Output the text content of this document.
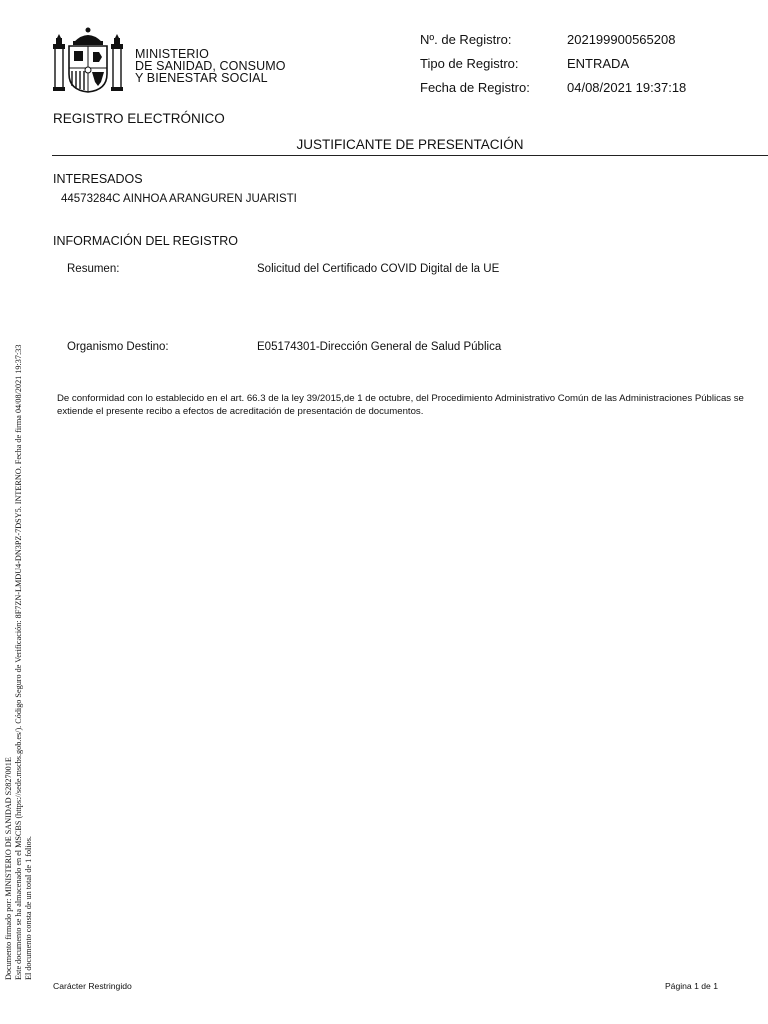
MINISTERIO
DE SANIDAD, CONSUMO
Y BIENESTAR SOCIAL
Nº. de Registro:	202199900565208
Tipo de Registro:	ENTRADA
Fecha de Registro:	04/08/2021 19:37:18
REGISTRO ELECTRÓNICO
JUSTIFICANTE DE PRESENTACIÓN
INTERESADOS
44573284C AINHOA ARANGUREN JUARISTI
INFORMACIÓN DEL REGISTRO
Resumen:	Solicitud del Certificado COVID Digital de la UE
Organismo Destino:	E05174301-Dirección General de Salud Pública
De conformidad con lo establecido en el art. 66.3 de la ley 39/2015,de 1 de octubre, del Procedimiento Administrativo Común de las Administraciones Públicas se extiende el presente recibo a efectos de acreditación de presentación de documentos.
Documento firmado por: MINISTERIO DE SANIDAD S2827001E Este documento se ha almacenado en el MSCBS (https://sede.mscbs.gob.es/). Código Seguro de Verificación: 8F7ZN-LMDU4-DN3PZ-7DSY5. INTERNO. Fecha de firma 04/08/2021 19:37:33 El documento consta de un total de 1 folios.
Carácter Restringido	Página 1 de 1
